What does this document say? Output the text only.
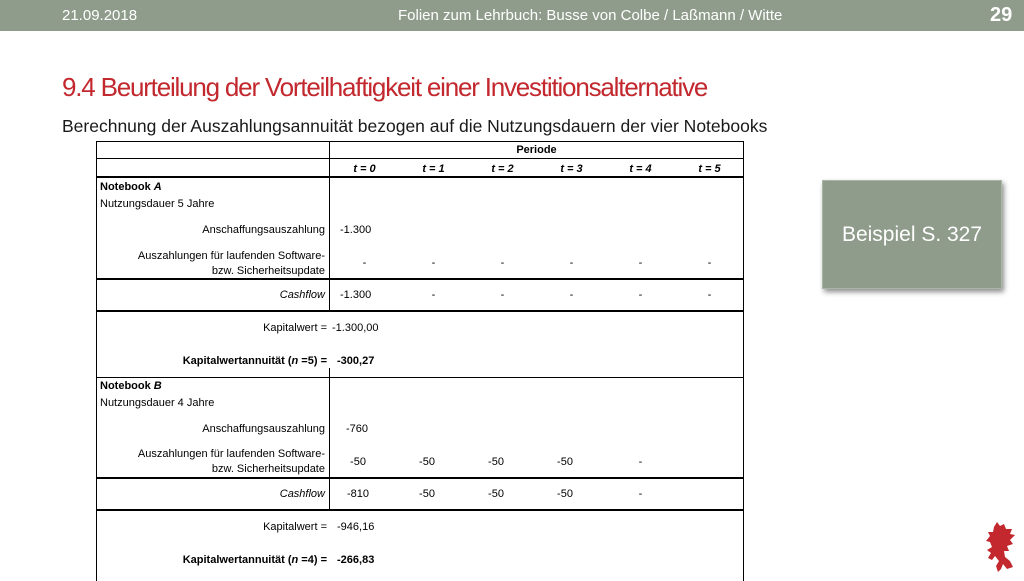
21.09.2018	Folien zum Lehrbuch: Busse von Colbe / Laßmann / Witte	29
9.4 Beurteilung der Vorteilhaftigkeit einer Investitionsalternative
Berechnung der Auszahlungsannuität bezogen auf die Nutzungsdauern der vier Notebooks
Beispiel S. 327
Periode
t = 0	t = 1	t = 2	t = 3	t = 4	t = 5
Notebook A
Nutzungsdauer 5 Jahre
Anschaffungsauszahlung -1.300
Auszahlungen für laufenden Software-
bzw. Sicherheitsupdate
-	-	-	-	-	-
Cashflow -1.300	-	-	-	-	-
Kapitalwert = -1.300,00
Kapitalwertannuität (n =5) = -300,27
Notebook B
Nutzungsdauer 4 Jahre
Anschaffungsauszahlung -760
Auszahlungen für laufenden Software-
bzw. Sicherheitsupdate
-50	-50	-50	-50	-
Cashflow	-810	-50	-50	-50	-
Kapitalwert = -946,16
Kapitalwertannuität (n =4) = -266,83
